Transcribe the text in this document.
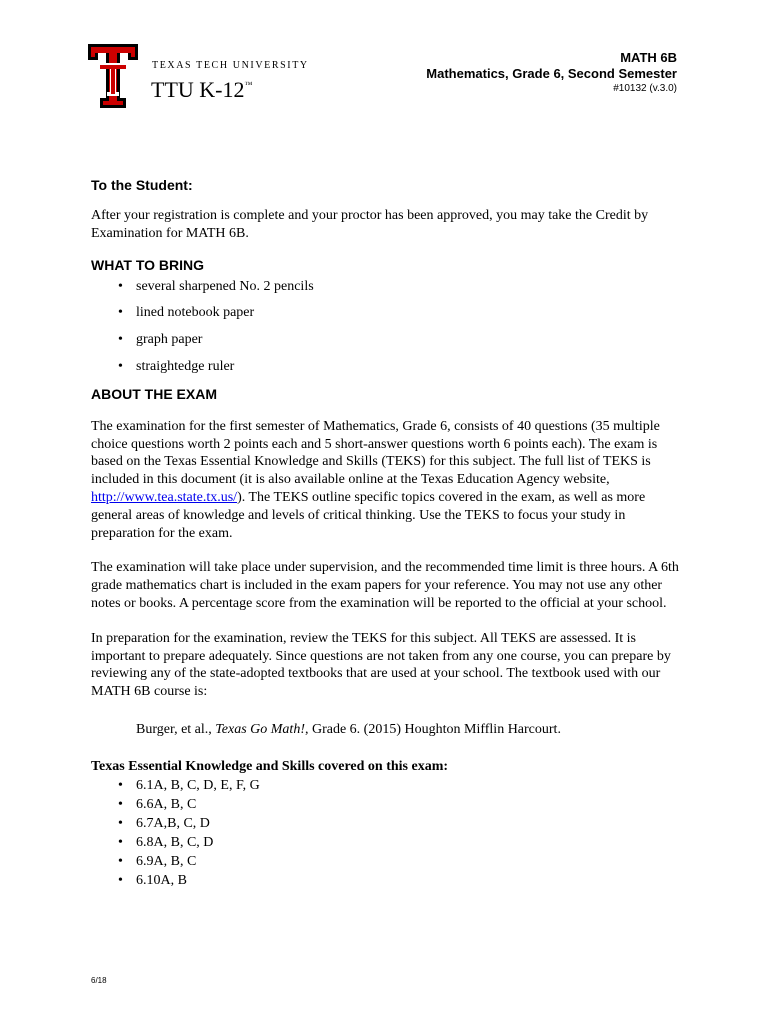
TEXAS TECH UNIVERSITY
TTU K-12™
MATH 6B
Mathematics, Grade 6, Second Semester
#10132 (v.3.0)
To the Student:

After your registration is complete and your proctor has been approved, you may take the Credit by Examination for MATH 6B.

WHAT TO BRING
• several sharpened No. 2 pencils
• lined notebook paper
• graph paper
• straightedge ruler
ABOUT THE EXAM

The examination for the first semester of Mathematics, Grade 6, consists of 40 questions (35 multiple choice questions worth 2 points each and 5 short-answer questions worth 6 points each). The exam is based on the Texas Essential Knowledge and Skills (TEKS) for this subject. The full list of TEKS is included in this document (it is also available online at the Texas Education Agency website, http://www.tea.state.tx.us/). The TEKS outline specific topics covered in the exam, as well as more general areas of knowledge and levels of critical thinking. Use the TEKS to focus your study in preparation for the exam.

The examination will take place under supervision, and the recommended time limit is three hours. A 6th grade mathematics chart is included in the exam papers for your reference. You may not use any other notes or books. A percentage score from the examination will be reported to the official at your school.

In preparation for the examination, review the TEKS for this subject. All TEKS are assessed. It is important to prepare adequately. Since questions are not taken from any one course, you can prepare by reviewing any of the state-adopted textbooks that are used at your school. The textbook used with our MATH 6B course is:

Burger, et al., Texas Go Math!, Grade 6. (2015) Houghton Mifflin Harcourt.

Texas Essential Knowledge and Skills covered on this exam:

• 6.1A, B, C, D, E, F, G
• 6.6A, B, C
• 6.7A,B, C, D
• 6.8A, B, C, D
• 6.9A, B, C
• 6.10A, B
6/18
